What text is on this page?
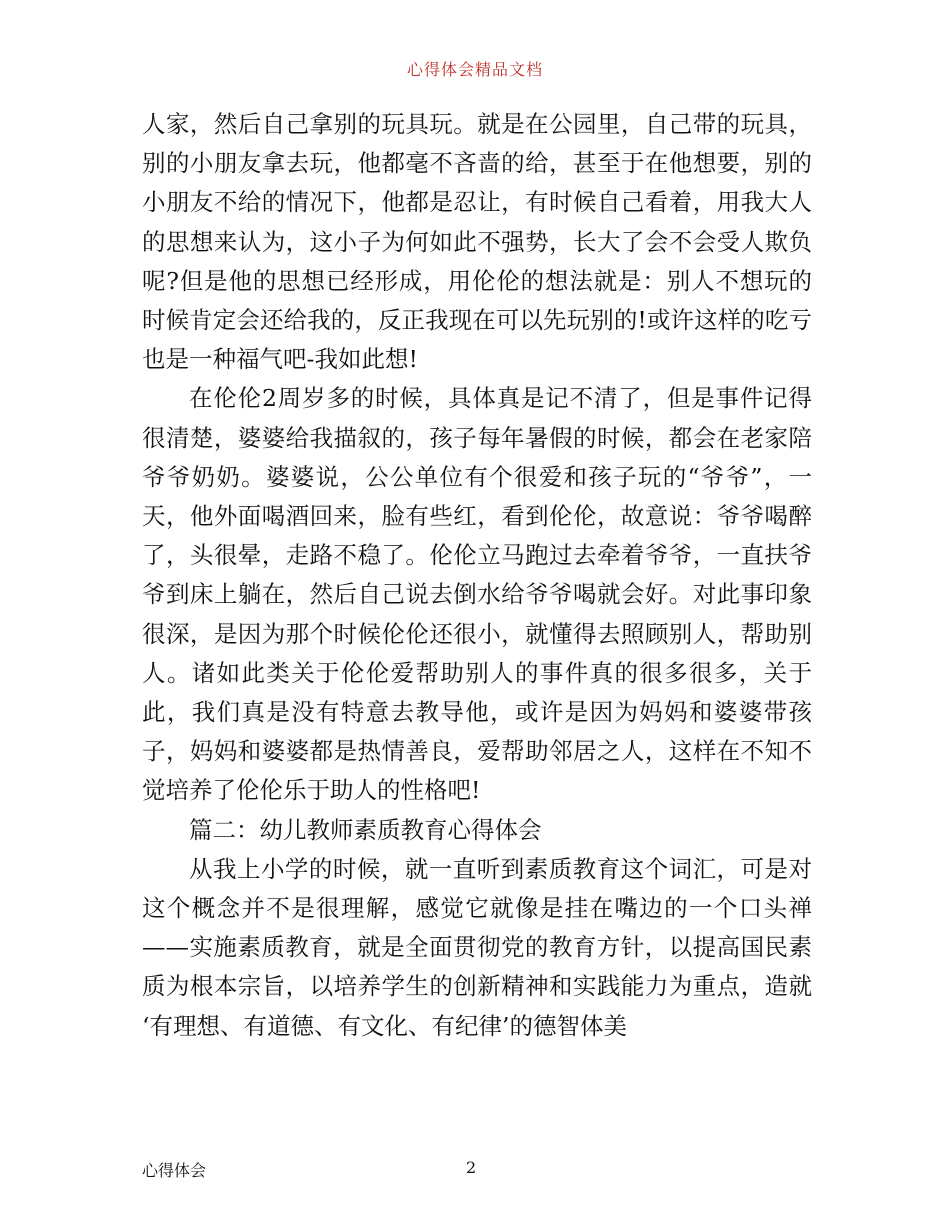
心得体会精品文档

人家，然后自己拿别的玩具玩。就是在公园里，自己带的玩具，别的小朋友拿去玩，他都毫不吝啬的给，甚至于在他想要，别的小朋友不给的情况下，他都是忍让，有时候自己看着，用我大人的思想来认为，这小子为何如此不强势，长大了会不会受人欺负呢?但是他的思想已经形成，用伦伦的想法就是：别人不想玩的时候肯定会还给我的，反正我现在可以先玩别的!或许这样的吃亏也是一种福气吧-我如此想!

在伦伦2周岁多的时候，具体真是记不清了，但是事件记得很清楚，婆婆给我描叙的，孩子每年暑假的时候，都会在老家陪爷爷奶奶。婆婆说，公公单位有个很爱和孩子玩的“爷爷”，一天，他外面喝酒回来，脸有些红，看到伦伦，故意说：爷爷喝醉了，头很晕，走路不稳了。伦伦立马跑过去牵着爷爷，一直扶爷爷到床上躺在，然后自己说去倒水给爷爷喝就会好。对此事印象很深，是因为那个时候伦伦还很小，就懂得去照顾别人，帮助别人。诸如此类关于伦伦爱帮助别人的事件真的很多很多，关于此，我们真是没有特意去教导他，或许是因为妈妈和婆婆带孩子，妈妈和婆婆都是热情善良，爱帮助邻居之人，这样在不知不觉培养了伦伦乐于助人的性格吧!

篇二：幼儿教师素质教育心得体会

从我上小学的时候，就一直听到素质教育这个词汇，可是对这个概念并不是很理解，感觉它就像是挂在嘴边的一个口头禅——实施素质教育，就是全面贯彻党的教育方针，以提高国民素质为根本宗旨，以培养学生的创新精神和实践能力为重点，造就 ‘有理想、有道德、有文化、有纪律’的德智体美

心得体会	2
